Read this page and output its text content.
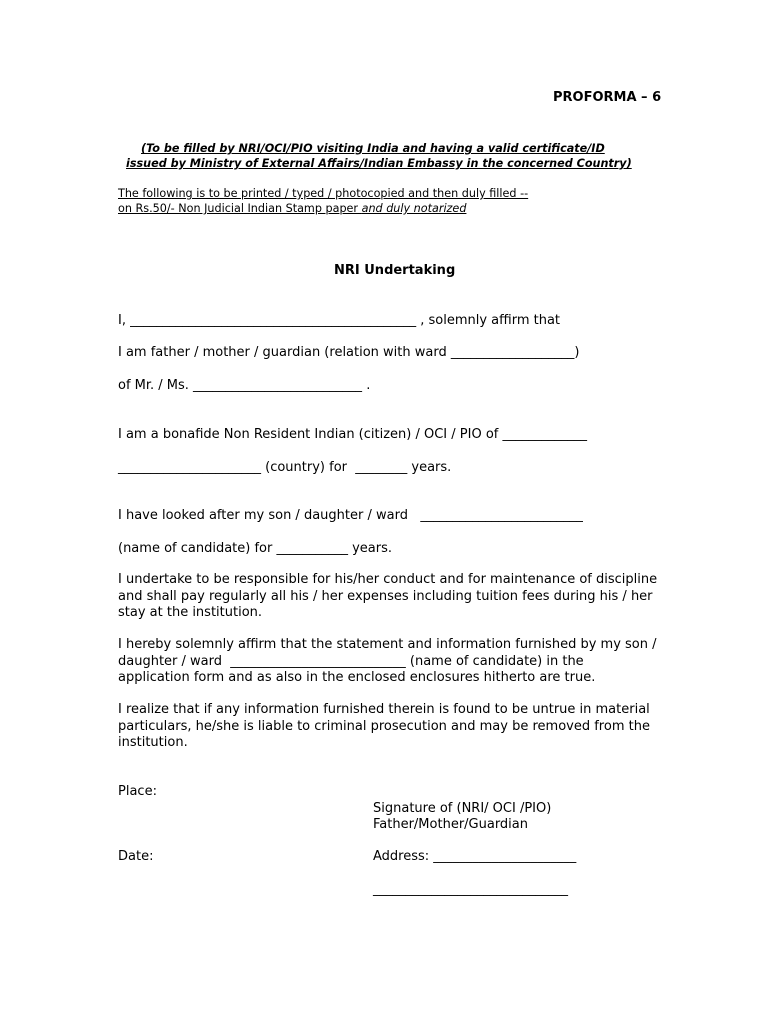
PROFORMA – 6
(To be filled by NRI/OCI/PIO visiting India and having a valid certificate/ID
issued by Ministry of External Affairs/Indian Embassy in the concerned Country)
The following is to be printed / typed / photocopied and then duly filled --
on Rs.50/- Non Judicial Indian Stamp paper and duly notarized
NRI Undertaking
I, ____________________________________________ , solemnly affirm that
I am father / mother / guardian (relation with ward ___________________)
of Mr. / Ms. __________________________ .
I am a bonafide Non Resident Indian (citizen) / OCI / PIO of _____________
______________________ (country) for  ________ years.
I have looked after my son / daughter / ward   _________________________
(name of candidate) for ___________ years.
I undertake to be responsible for his/her conduct and for maintenance of discipline
and shall pay regularly all his / her expenses including tuition fees during his / her
stay at the institution.
I hereby solemnly affirm that the statement and information furnished by my son /
daughter / ward  ___________________________ (name of candidate) in the
application form and as also in the enclosed enclosures hitherto are true.
I realize that if any information furnished therein is found to be untrue in material
particulars, he/she is liable to criminal prosecution and may be removed from the
institution.
Place:
Signature of (NRI/ OCI /PIO)
Father/Mother/Guardian
Date:	Address: ______________________
______________________________
